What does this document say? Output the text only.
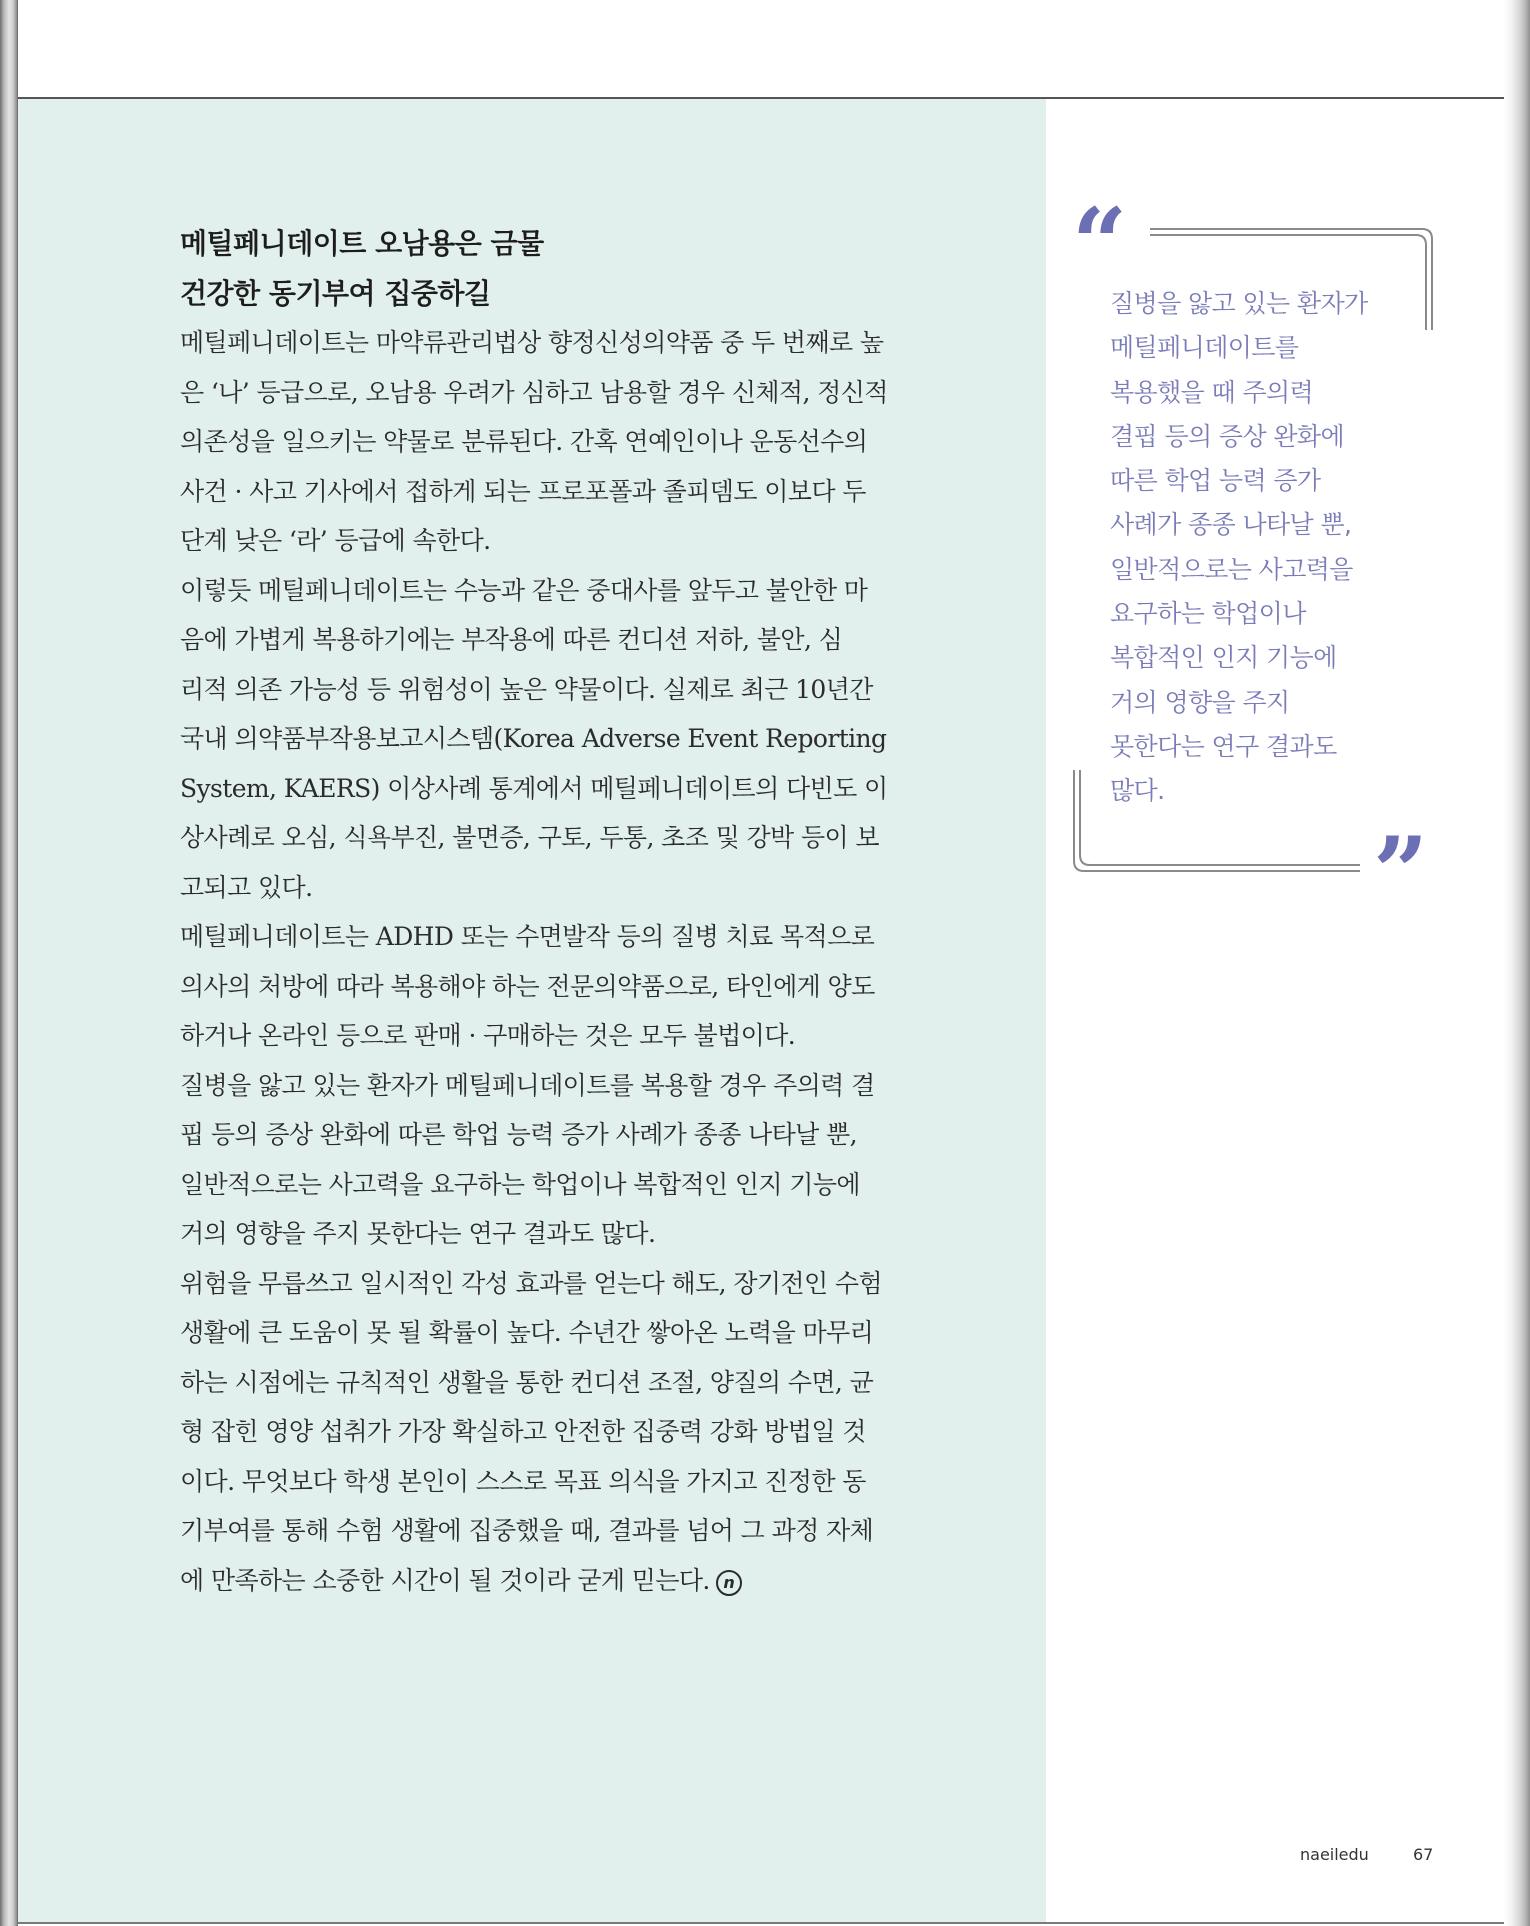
메틸페니데이트 오남용은 금물
건강한 동기부여 집중하길

메틸페니데이트는 마약류관리법상 향정신성의약품 중 두 번째로 높
은 ‘나’ 등급으로, 오남용 우려가 심하고 남용할 경우 신체적, 정신적
의존성을 일으키는 약물로 분류된다. 간혹 연예인이나 운동선수의
사건 · 사고 기사에서 접하게 되는 프로포폴과 졸피뎀도 이보다 두
단계 낮은 ‘라’ 등급에 속한다.

이렇듯 메틸페니데이트는 수능과 같은 중대사를 앞두고 불안한 마
음에 가볍게 복용하기에는 부작용에 따른 컨디션 저하, 불안, 심
리적 의존 가능성 등 위험성이 높은 약물이다. 실제로 최근 10년간
국내 의약품부작용보고시스템(Korea Adverse Event Reporting
System, KAERS) 이상사례 통계에서 메틸페니데이트의 다빈도 이
상사례로 오심, 식욕부진, 불면증, 구토, 두통, 초조 및 강박 등이 보
고되고 있다.

메틸페니데이트는 ADHD 또는 수면발작 등의 질병 치료 목적으로
의사의 처방에 따라 복용해야 하는 전문의약품으로, 타인에게 양도
하거나 온라인 등으로 판매 · 구매하는 것은 모두 불법이다.

질병을 앓고 있는 환자가 메틸페니데이트를 복용할 경우 주의력 결
핍 등의 증상 완화에 따른 학업 능력 증가 사례가 종종 나타날 뿐,
일반적으로는 사고력을 요구하는 학업이나 복합적인 인지 기능에
거의 영향을 주지 못한다는 연구 결과도 많다.

위험을 무릅쓰고 일시적인 각성 효과를 얻는다 해도, 장기전인 수험
생활에 큰 도움이 못 될 확률이 높다. 수년간 쌓아온 노력을 마무리
하는 시점에는 규칙적인 생활을 통한 컨디션 조절, 양질의 수면, 균
형 잡힌 영양 섭취가 가장 확실하고 안전한 집중력 강화 방법일 것
이다. 무엇보다 학생 본인이 스스로 목표 의식을 가지고 진정한 동
기부여를 통해 수험 생활에 집중했을 때, 결과를 넘어 그 과정 자체
에 만족하는 소중한 시간이 될 것이라 굳게 믿는다. n

“
”
질병을 앓고 있는 환자가
메틸페니데이트를
복용했을 때 주의력
결핍 등의 증상 완화에
따른 학업 능력 증가
사례가 종종 나타날 뿐,
일반적으로는 사고력을
요구하는 학업이나
복합적인 인지 기능에
거의 영향을 주지
못한다는 연구 결과도
많다.
naeiledu	67
